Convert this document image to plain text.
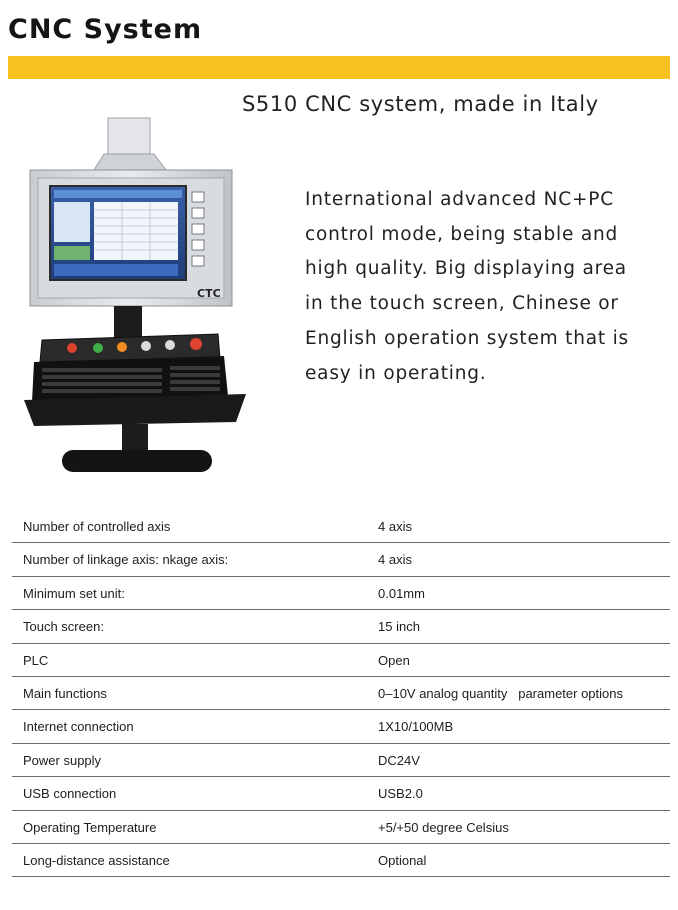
CNC System
S510 CNC system, made in Italy

International advanced NC+PC
control mode, being stable and
high quality. Big displaying area
in the touch screen, Chinese or
English operation system that is
easy in operating.

CTC
Number of controlled axis	4 axis
Number of linkage axis: nkage axis:	4 axis
Minimum set unit:	0.01mm
Touch screen:	15 inch
PLC	Open
Main functions	0–10V analog quantity   parameter options
Internet connection	1X10/100MB
Power supply	DC24V
USB connection	USB2.0
Operating Temperature	+5/+50 degree Celsius
Long-distance assistance	Optional
